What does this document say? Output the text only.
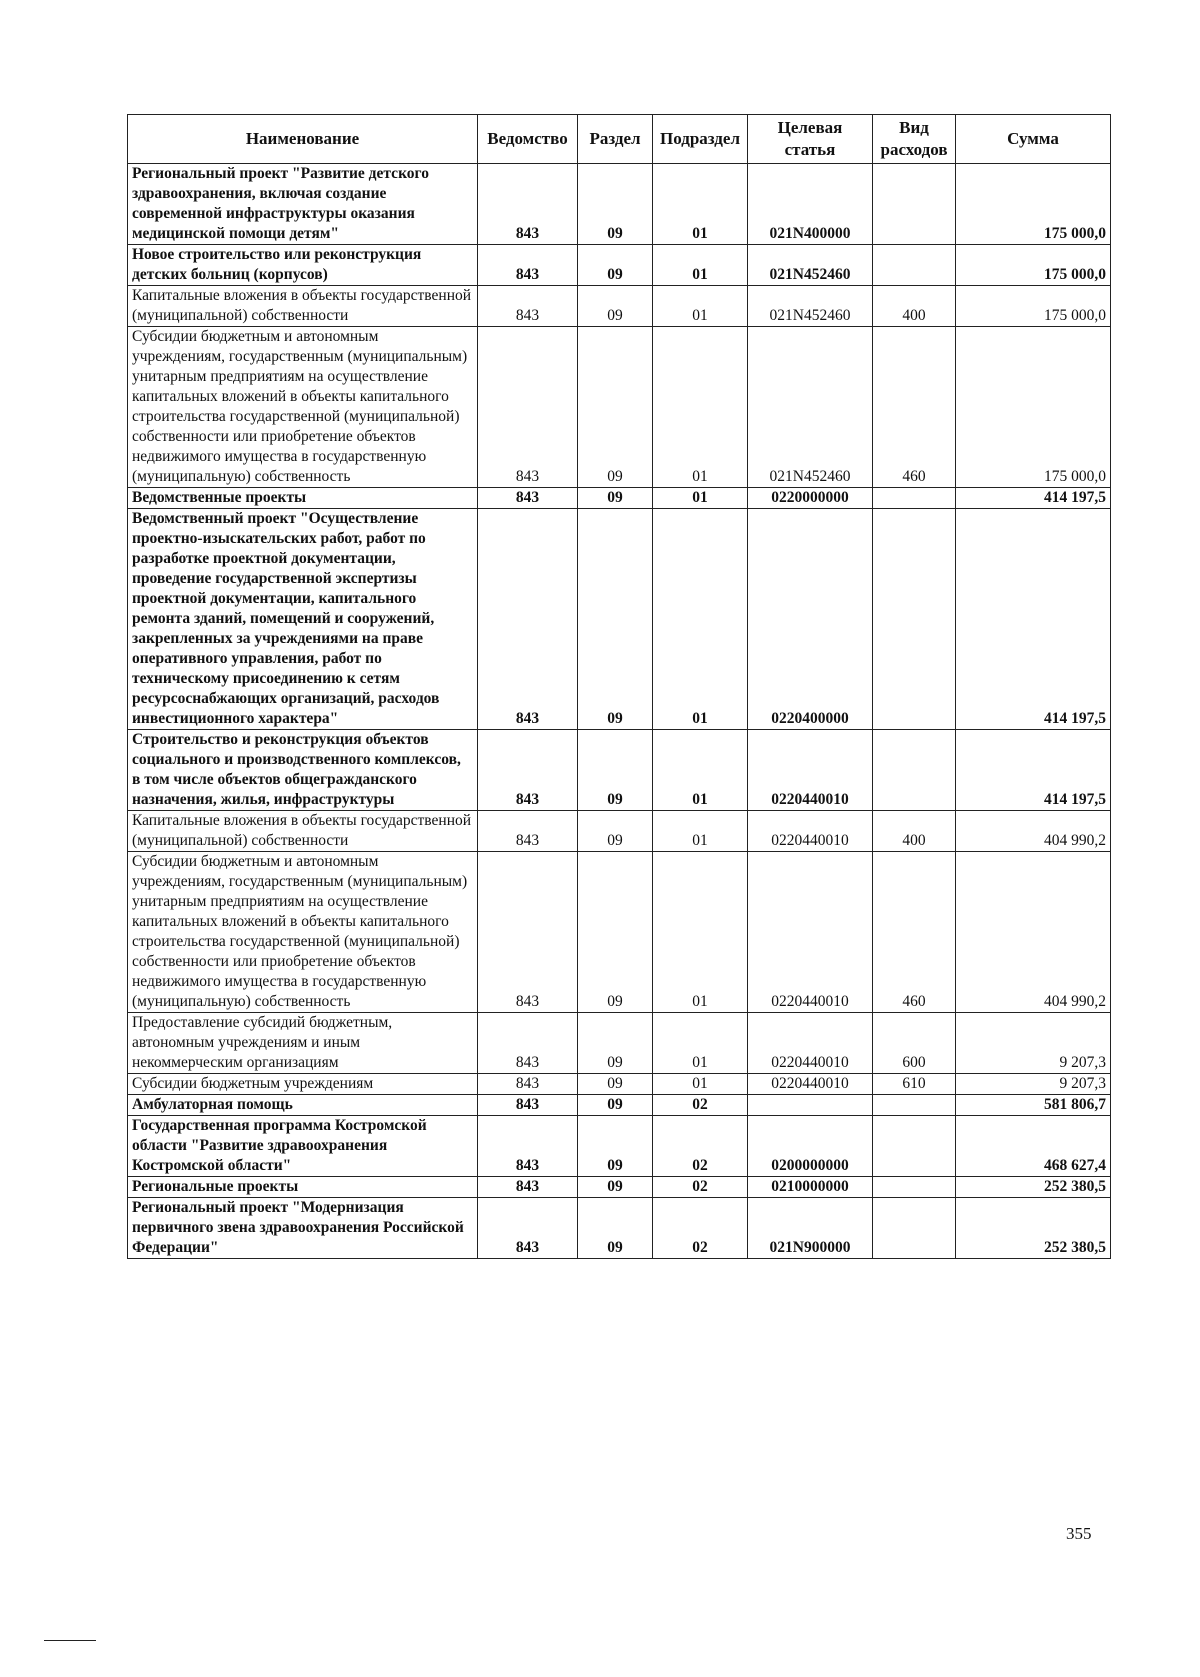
Наименование	Ведомство	Раздел	Подраздел	Целевая статья	Вид расходов	Сумма
Региональный проект "Развитие детского здравоохранения, включая создание современной инфраструктуры оказания медицинской помощи детям"	843	09	01	021N400000		175 000,0
Новое строительство или реконструкция детских больниц (корпусов)	843	09	01	021N452460		175 000,0
Капитальные вложения в объекты государственной (муниципальной) собственности	843	09	01	021N452460	400	175 000,0
Субсидии бюджетным и автономным учреждениям, государственным (муниципальным) унитарным предприятиям на осуществление капитальных вложений в объекты капитального строительства государственной (муниципальной) собственности или приобретение объектов недвижимого имущества в государственную (муниципальную) собственность	843	09	01	021N452460	460	175 000,0
Ведомственные проекты	843	09	01	0220000000		414 197,5
Ведомственный проект "Осуществление проектно-изыскательских работ, работ по разработке проектной документации, проведение государственной экспертизы проектной документации, капитального ремонта зданий, помещений и сооружений, закрепленных за учреждениями на праве оперативного управления, работ по техническому присоединению к сетям ресурсоснабжающих организаций, расходов инвестиционного характера"	843	09	01	0220400000		414 197,5
Строительство и реконструкция объектов социального и производственного комплексов, в том числе объектов общегражданского назначения, жилья, инфраструктуры	843	09	01	0220440010		414 197,5
Капитальные вложения в объекты государственной (муниципальной) собственности	843	09	01	0220440010	400	404 990,2
Субсидии бюджетным и автономным учреждениям, государственным (муниципальным) унитарным предприятиям на осуществление капитальных вложений в объекты капитального строительства государственной (муниципальной) собственности или приобретение объектов недвижимого имущества в государственную (муниципальную) собственность	843	09	01	0220440010	460	404 990,2
Предоставление субсидий бюджетным, автономным учреждениям и иным некоммерческим организациям	843	09	01	0220440010	600	9 207,3
Субсидии бюджетным учреждениям	843	09	01	0220440010	610	9 207,3
Амбулаторная помощь	843	09	02			581 806,7
Государственная программа Костромской области "Развитие здравоохранения Костромской области"	843	09	02	0200000000		468 627,4
Региональные проекты	843	09	02	0210000000		252 380,5
Региональный проект "Модернизация первичного звена здравоохранения Российской Федерации"	843	09	02	021N900000		252 380,5
355
